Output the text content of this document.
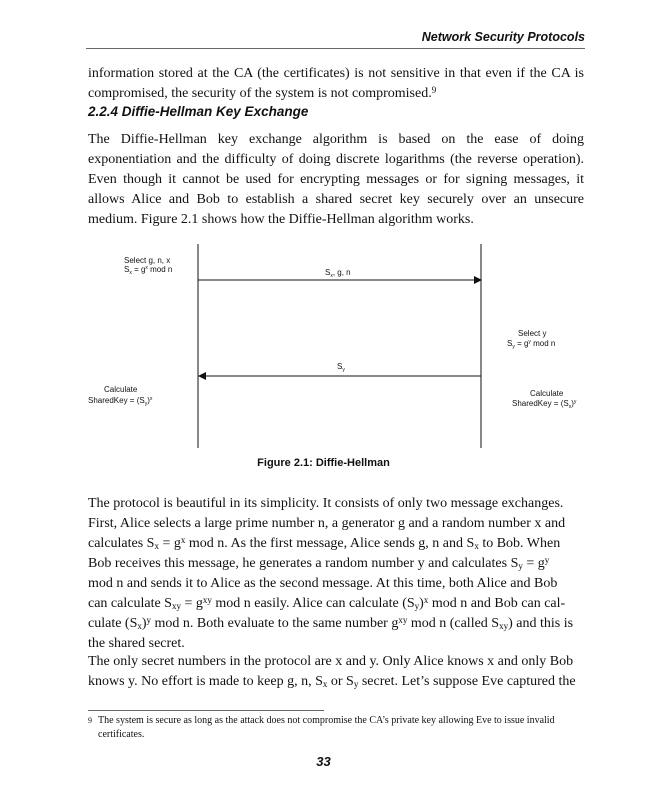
Network Security Protocols

information stored at the CA (the certificates) is not sensitive in that even if the CA is compromised, the security of the system is not compromised.$^9$

2.2.4 Diffie-Hellman Key Exchange

The Diffie-Hellman key exchange algorithm is based on the ease of doing exponentiation and the difficulty of doing discrete logarithms (the reverse operation). Even though it cannot be used for encrypting messages or for signing messages, it allows Alice and Bob to establish a shared secret key securely over an unsecure medium. Figure 2.1 shows how the Diffie-Hellman algorithm works.

Select g, n, x
$S_x = g^x$ mod n	$S_x$, g, n
Select y
$S_y = g^y$ mod n
$S_y$
Calculate
SharedKey = $(S_y)^x$
Calculate
SharedKey = $(S_x)^y$
Figure 2.1: Diffie-Hellman
The protocol is beautiful in its simplicity. It consists of only two message exchanges.
First, Alice selects a large prime number n, a generator g and a random number x and
calculates $S_x = g^x$ mod n. As the first message, Alice sends g, n and $S_x$ to Bob. When
Bob receives this message, he generates a random number y and calculates $S_y = g^y$
mod n and sends it to Alice as the second message. At this time, both Alice and Bob
can calculate $S_{xy} = g^{xy}$ mod n easily. Alice can calculate $(S_y)^x$ mod n and Bob can cal-
culate $(S_x)^y$ mod n. Both evaluate to the same number $g^{xy}$ mod n (called $S_{xy}$) and this is
the shared secret.
The only secret numbers in the protocol are x and y. Only Alice knows x and only Bob
knows y. No effort is made to keep g, n, $S_x$ or $S_y$ secret. Let’s suppose Eve captured the
9 The system is secure as long as the attack does not compromise the CA’s private key allowing Eve to issue invalid certificates.
33
